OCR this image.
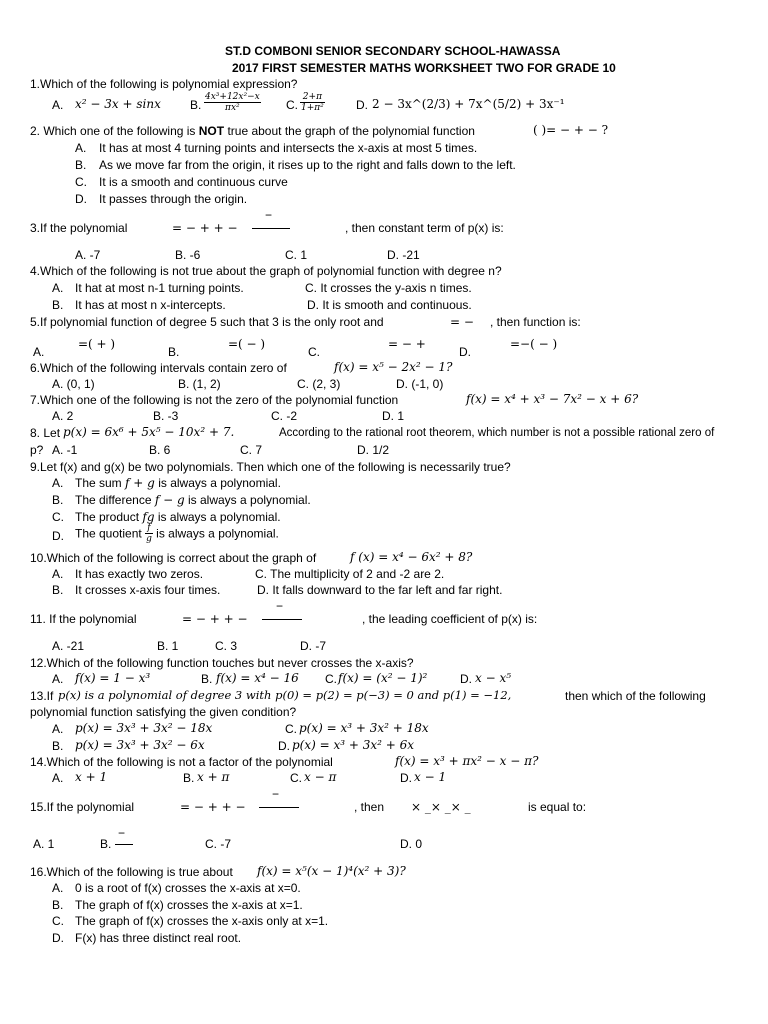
ST.D COMBONI SENIOR SECONDARY SCHOOL-HAWASSA
2017 FIRST SEMESTER MATHS WORKSHEET TWO FOR GRADE 10
1.Which of the following is polynomial expression?
A. x² − 3x + sinx B. $\frac{\text{4x³+12x²−x}}{\text{πx²}} C$. $\frac{2+\pi}{\text{1+π²}}$	D. 2 − 3x^(2/3) + 7x^(5/2) + 3x⁻¹
2. Which one of the following is NOT true about the graph of the polynomial function	( )= − + − ?
A. It has at most 4 turning points and intersects the x-axis at most 5 times.
B. As we move far from the origin, it rises up to the right and falls down to the left.
C. It is a smooth and continuous curve
D. It passes through the origin.
3.If the polynomial	= − + + −
−
, then constant term of p(x) is:
A. -7	B. -6	C. 1	D. -21
4.Which of the following is not true about the graph of polynomial function with degree n?
A. It hat at most n-1 turning points.	C. It crosses the y-axis n times.
B. It has at most n x-intercepts.	D. It is smooth and continuous.
5.If polynomial function of degree 5 such that 3 is the only root and	= − , then function is:
A.
=( + )
B.
=( − )
C.
= − +
D.
=−( − )
6.Which of the following intervals contain zero of	f(x) = x⁵ − 2x² − 1?
A. (0, 1)	B. (1, 2)	C. (2, 3)	D. (-1, 0)
7.Which one of the following is not the zero of the polynomial function	f(x) = x⁴ + x³ − 7x² − x + 6?
A. 2	B. -3	C. -2	D. 1
8. Let p(x) = 6x⁶ + 5x⁵ − 10x² + 7.	According to the rational root theorem, which number is not a possible rational zero of
p? A. -1	B. 6	C. 7	D. 1/2
9.Let f(x) and g(x) be two polynomials. Then which one of the following is necessarily true?
A. The sum f + g is always a polynomial.
B. The difference f − g is always a polynomial.
C. The product fg is always a polynomial.
D. The quotient $\frac{f}{g}$ is always a polynomial.
10.Which of the following is correct about the graph of	f (x) = x⁴ − 6x² + 8?
A. It has exactly two zeros.	C. The multiplicity of 2 and -2 are 2.
B. It crosses x-axis four times.	D. It falls downward to the far left and far right.
11. If the polynomial	= − + + −
−
, the leading coefficient of p(x) is:
A. -21	B. 1	C. 3	D. -7
12.Which of the following function touches but never crosses the x-axis?
A. f(x) = 1 − x³	B. f(x) = x⁴ − 16 C. f(x) = (x² − 1)²	D. x − x⁵
13.If p(x) is a polynomial of degree 3 with p(0) = p(2) = p(−3) = 0 and p(1) = −12,	then which of the following
polynomial function satisfying the given condition?
A. p(x) = 3x³ + 3x² − 18x	C. p(x) = x³ + 3x² + 18x
B. p(x) = 3x³ + 3x² − 6x	D. p(x) = x³ + 3x² + 6x
14.Which of the following is not a factor of the polynomial	f(x) = x³ + πx² − x − π?
A. x + 1	B. x + π	C. x − π	D. x − 1
15.If the polynomial	= − + + −
−
, then × _× _× _	is equal to:
A. 1	B.
−
C. -7	D. 0
16.Which of the following is true about f(x) = x⁵(x − 1)⁴(x² + 3)?
A. 0 is a root of f(x) crosses the x-axis at x=0.
B. The graph of f(x) crosses the x-axis at x=1.
C. The graph of f(x) crosses the x-axis only at x=1.
D. F(x) has three distinct real root.
